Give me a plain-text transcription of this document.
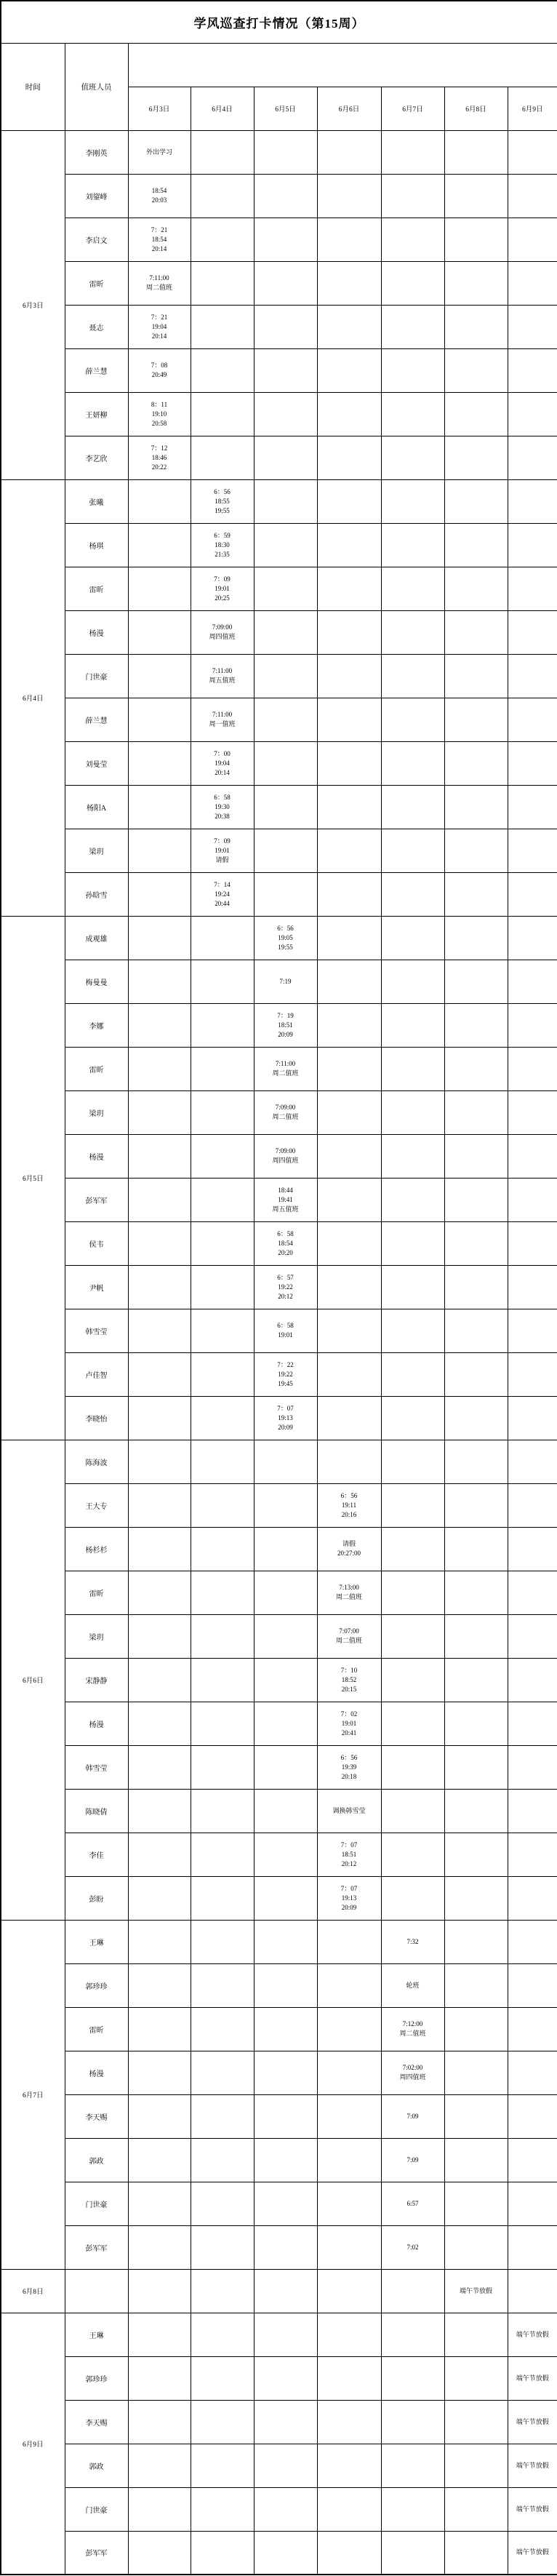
学风巡查打卡情况（第15周）								
时间	值班人员							
		6月3日	6月4日	6月5日	6月6日	6月7日	6月8日	6月9日
6月3日	李刚英	外出学习						

	刘鋆峰	18:54
20:03						

	李启文	7：21
18:54
20:14						

	雷昕	7:11:00
周二值班						

	聂志	7：21
19:04
20:14						

	薛兰慧	7：08
20:49						

	王妍柳	8：11
19:10
20:58						

	李艺欣	7：12
18:46
20:22						

6月4日	张曦		6：56
18:55
19:55					

	杨琪		6：59
18:30
21:35					

	雷昕		7：09
19:01
20:25					

	杨漫		7:09:00
周四值班					

	门世豪		7:11:00
周五值班					

	薛兰慧		7:11:00
周一值班					

	刘曼莹		7：00
19:04
20:14					

	杨阳A		6：58
19:30
20:38					

	梁玥		7：09
19:01
请假					

	孙晗雪		7：14
19:24
20:44					

6月5日	成观雄			6：56
19:05
19:55				

	梅曼曼			7:19				

	李娜			7：19
18:51
20:09				

	雷昕			7:11:00
周二值班				

	梁玥			7:09:00
周二值班				

	杨漫			7:09:00
周四值班				

	彭军军			18:44
19:41
周五值班				

	侯韦			6：58
18:54
20:20				

	尹帆			6：57
19:22
20:12				

	韩雪莹			6：58
19:01				

	卢佳智			7：22
19:22
19:45				

	李晓怡			7：07
19:13
20:09				

6月6日	陈海波							
	王大专				6：56
19:11
20:16			

	杨杉杉				请假
20:27:00			

	雷昕				7:13:00
周二值班			

	梁玥				7:07:00
周二值班			

	宋静静				7：10
18:52
20:15			

	杨漫				7：02
19:01
20:41			

	韩雪莹				6：56
19:39
20:18			

	陈晓倩				调换韩雪莹			

	李佳				7：07
18:51
20:12			

	彭盼				7：07
19:13
20:09			

6月7日	王琳					7:32		

	郭珍珍					轮班		

	雷昕					7:12:00
周二值班		

	杨漫					7:02:00
周四值班		

	李天赐					7:09		

	郭政					7:09		

	门世豪					6:57		

	彭军军					7:02		

6月8日							端午节放假	

6月9日	王琳							端午节放假

	郭珍珍							端午节放假

	李天赐							端午节放假

	郭政							端午节放假

	门世豪							端午节放假

	彭军军							端午节放假
